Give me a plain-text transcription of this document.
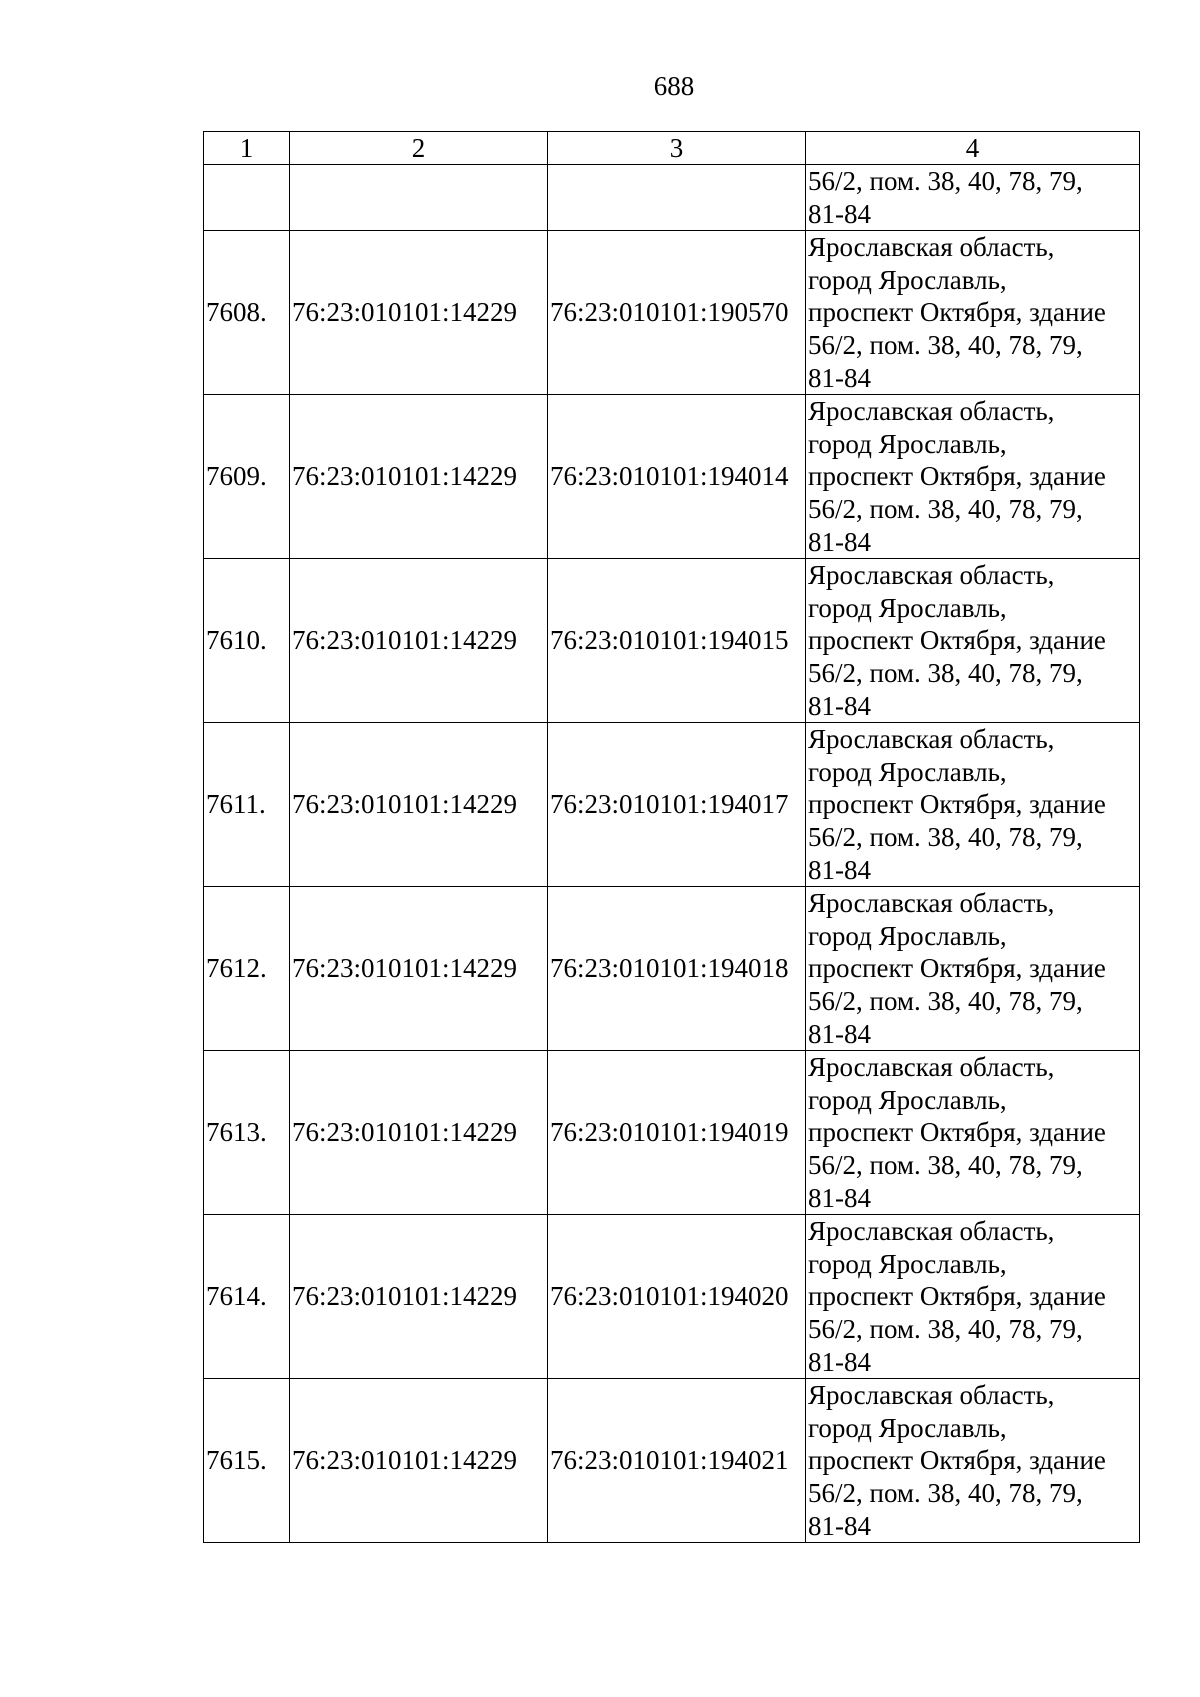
688
1	2	3	4

			56/2, пом. 38, 40, 78, 79,
81-84

7608.	76:23:010101:14229	76:23:010101:190570	Ярославская область,
город Ярославль,
проспект Октября, здание
56/2, пом. 38, 40, 78, 79,
81-84

7609.	76:23:010101:14229	76:23:010101:194014	Ярославская область,
город Ярославль,
проспект Октября, здание
56/2, пом. 38, 40, 78, 79,
81-84

7610.	76:23:010101:14229	76:23:010101:194015	Ярославская область,
город Ярославль,
проспект Октября, здание
56/2, пом. 38, 40, 78, 79,
81-84

7611.	76:23:010101:14229	76:23:010101:194017	Ярославская область,
город Ярославль,
проспект Октября, здание
56/2, пом. 38, 40, 78, 79,
81-84

7612.	76:23:010101:14229	76:23:010101:194018	Ярославская область,
город Ярославль,
проспект Октября, здание
56/2, пом. 38, 40, 78, 79,
81-84

7613.	76:23:010101:14229	76:23:010101:194019	Ярославская область,
город Ярославль,
проспект Октября, здание
56/2, пом. 38, 40, 78, 79,
81-84

7614.	76:23:010101:14229	76:23:010101:194020	Ярославская область,
город Ярославль,
проспект Октября, здание
56/2, пом. 38, 40, 78, 79,
81-84

7615.	76:23:010101:14229	76:23:010101:194021	Ярославская область,
город Ярославль,
проспект Октября, здание
56/2, пом. 38, 40, 78, 79,
81-84
